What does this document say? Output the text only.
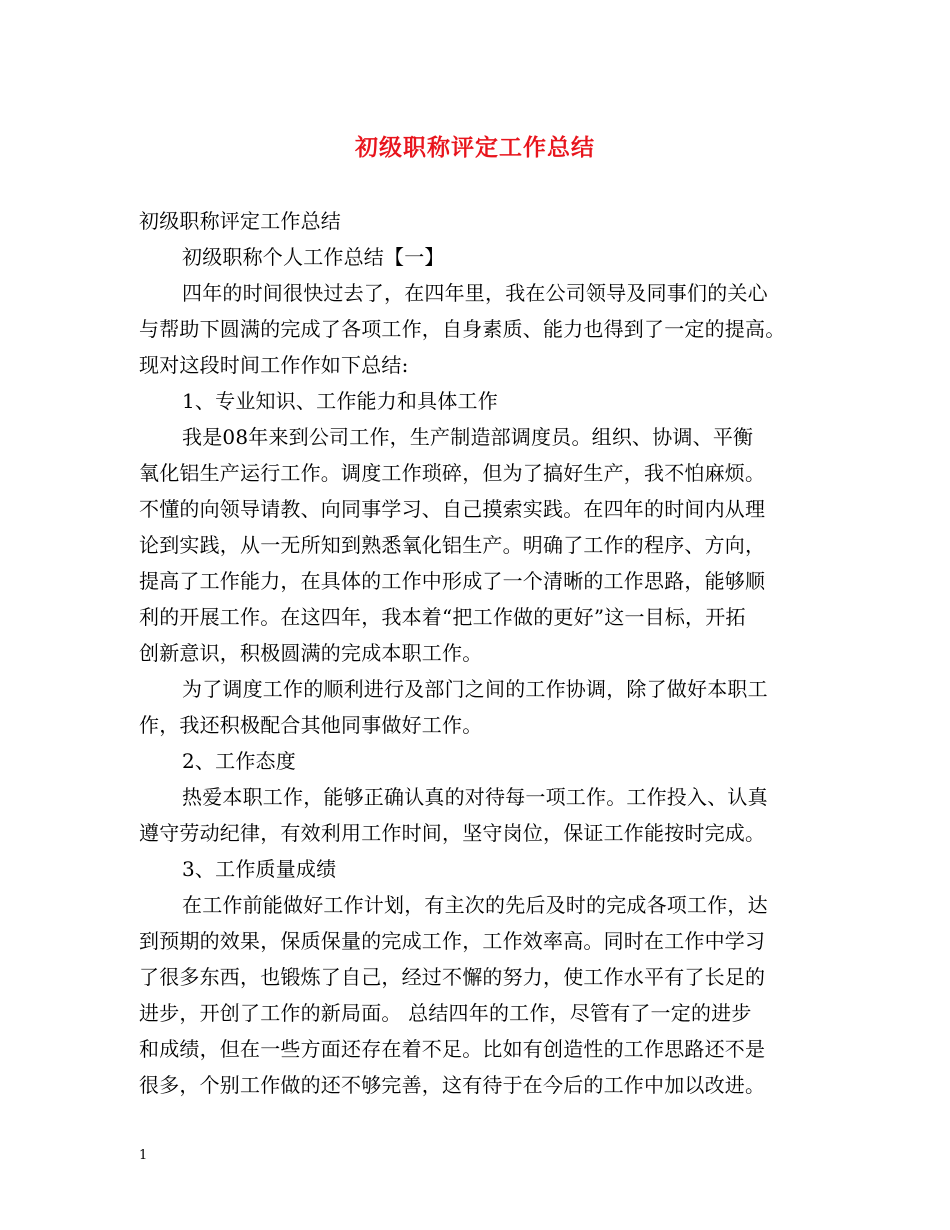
初级职称评定工作总结

初级职称评定工作总结

初级职称个人工作总结【一】

四年的时间很快过去了，在四年里，我在公司领导及同事们的关心

与帮助下圆满的完成了各项工作，自身素质、能力也得到了一定的提高。

现对这段时间工作作如下总结:

1、专业知识、工作能力和具体工作

我是08年来到公司工作，生产制造部调度员。组织、协调、平衡

氧化铝生产运行工作。调度工作琐碎，但为了搞好生产，我不怕麻烦。

不懂的向领导请教、向同事学习、自己摸索实践。在四年的时间内从理

论到实践，从一无所知到熟悉氧化铝生产。明确了工作的程序、方向，

提高了工作能力，在具体的工作中形成了一个清晰的工作思路，能够顺

利的开展工作。在这四年，我本着“把工作做的更好”这一目标，开拓

创新意识，积极圆满的完成本职工作。

为了调度工作的顺利进行及部门之间的工作协调，除了做好本职工

作，我还积极配合其他同事做好工作。

2、工作态度

热爱本职工作，能够正确认真的对待每一项工作。工作投入、认真

遵守劳动纪律，有效利用工作时间，坚守岗位，保证工作能按时完成。

3、工作质量成绩

在工作前能做好工作计划，有主次的先后及时的完成各项工作，达

到预期的效果，保质保量的完成工作，工作效率高。同时在工作中学习

了很多东西，也锻炼了自己，经过不懈的努力，使工作水平有了长足的

进步，开创了工作的新局面。 总结四年的工作，尽管有了一定的进步

和成绩，但在一些方面还存在着不足。比如有创造性的工作思路还不是

很多，个别工作做的还不够完善，这有待于在今后的工作中加以改进。

1
